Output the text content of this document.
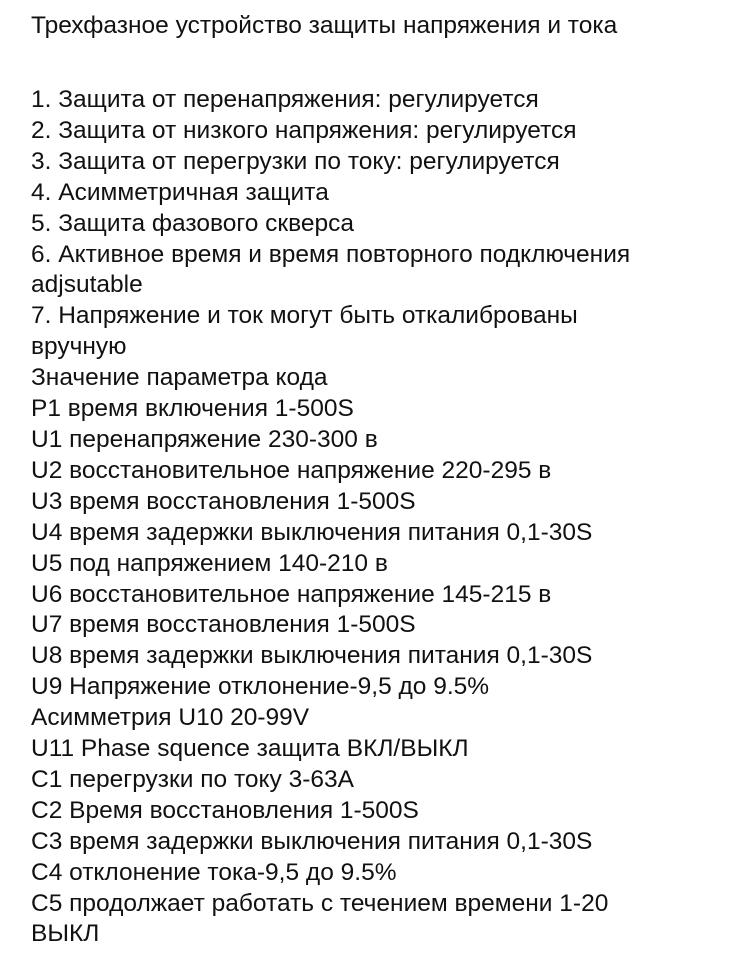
Трехфазное устройство защиты напряжения и тока
1. Защита от перенапряжения: регулируется
2. Защита от низкого напряжения: регулируется
3. Защита от перегрузки по току: регулируется
4. Асимметричная защита
5. Защита фазового скверса
6. Активное время и время повторного подключения
adjsutable
7. Напряжение и ток могут быть откалиброваны
вручную
Значение параметра кода
P1 время включения 1-500S
U1 перенапряжение 230-300 в
U2 восстановительное напряжение 220-295 в
U3 время восстановления 1-500S
U4 время задержки выключения питания 0,1-30S
U5 под напряжением 140-210 в
U6 восстановительное напряжение 145-215 в
U7 время восстановления 1-500S
U8 время задержки выключения питания 0,1-30S
U9 Напряжение отклонение-9,5 до 9.5%
Асимметрия U10 20-99V
U11 Phase squence защита ВКЛ/ВЫКЛ
C1 перегрузки по току 3-63A
C2 Время восстановления 1-500S
C3 время задержки выключения питания 0,1-30S
C4 отклонение тока-9,5 до 9.5%
C5 продолжает работать с течением времени 1-20
ВЫКЛ
